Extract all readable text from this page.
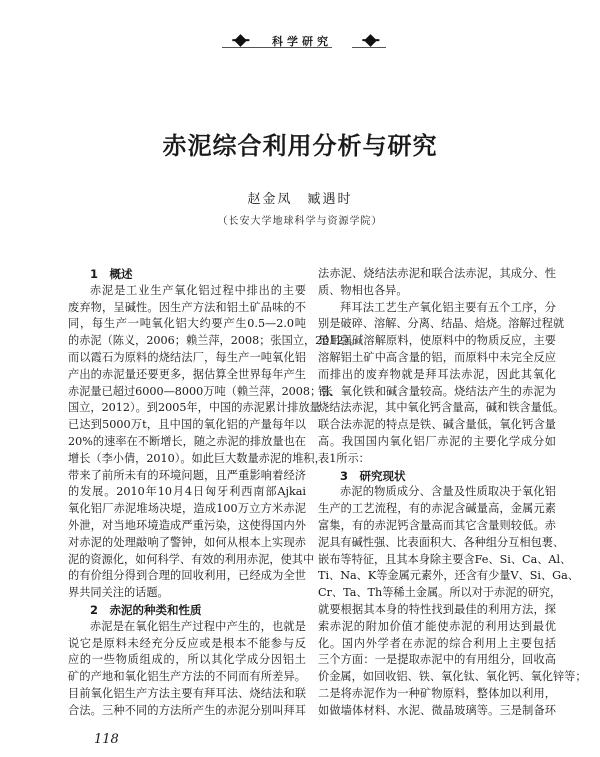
科学研究
赤泥综合利用分析与研究
赵金凤　臧遇时
（长安大学地球科学与资源学院）
1　概述
赤泥是工业生产氧化铝过程中排出的主要
废弃物，呈碱性。因生产方法和铝土矿品味的不
同，每生产一吨氧化铝大约要产生0.5—2.0吨
的赤泥（陈义，2006；赖兰萍，2008；张国立，2012）。
而以霞石为原料的烧结法厂，每生产一吨氧化铝
产出的赤泥量还要更多，据估算全世界每年产生
赤泥量已超过6000—8000万吨（赖兰萍，2008；张
国立，2012）。到2005年，中国的赤泥累计排放量
已达到5000万t，且中国的氧化铝的产量每年以
20%的速率在不断增长，随之赤泥的排放量也在
增长（李小倩，2010）。如此巨大数量赤泥的堆积，
带来了前所未有的环境问题，且严重影响着经济
的发展。2010年10月4日匈牙利西南部Ajkai
氧化铝厂赤泥堆场决堤，造成100万立方米赤泥
外泄，对当地环境造成严重污染，这使得国内外
对赤泥的处理敲响了警钟，如何从根本上实现赤
泥的资源化，如何科学、有效的利用赤泥，使其中
的有价组分得到合理的回收利用，已经成为全世
界共同关注的话题。
2　赤泥的种类和性质
赤泥是在氧化铝生产过程中产生的，也就是
说它是原料未经充分反应或是根本不能参与反
应的一些物质组成的，所以其化学成分因铝土
矿的产地和氧化铝生产方法的不同而有所差异。
目前氧化铝生产方法主要有拜耳法、烧结法和联
合法。三种不同的方法所产生的赤泥分别叫拜耳
法赤泥、烧结法赤泥和联合法赤泥，其成分、性
质、物相也各异。
拜耳法工艺生产氧化铝主要有五个工序，分
别是破碎、溶解、分离、结晶、焙烧。溶解过程就
是用强碱溶解原料，使原料中的物质反应，主要
溶解铝土矿中高含量的铝，而原料中未完全反应
而排出的废弃物就是拜耳法赤泥，因此其氧化
铝、氧化铁和碱含量较高。烧结法产生的赤泥为
烧结法赤泥，其中氧化钙含量高，碱和铁含量低。
联合法赤泥的特点是铁、碱含量低，氧化钙含量
高。我国国内氧化铝厂赤泥的主要化学成分如
表1所示：
3　研究现状
赤泥的物质成分、含量及性质取决于氧化铝
生产的工艺流程，有的赤泥含碱量高，金属元素
富集，有的赤泥钙含量高而其它含量则较低。赤
泥具有碱性强、比表面积大、各种组分互相包裹、
嵌布等特征，且其本身除主要含Fe、Si、Ca、Al、
Ti、Na、K等金属元素外，还含有少量V、Si、Ga、
Cr、Ta、Th等稀土金属。所以对于赤泥的研究，
就要根据其本身的特性找到最佳的利用方法，探
索赤泥的附加价值才能使赤泥的利用达到最优
化。国内外学者在赤泥的综合利用上主要包括
三个方面：一是提取赤泥中的有用组分，回收高
价金属，如回收铝、铁、氧化钛、氧化钙、氧化锌等；
二是将赤泥作为一种矿物原料，整体加以利用，
如做墙体材料、水泥、微晶玻璃等。三是制备环
118
